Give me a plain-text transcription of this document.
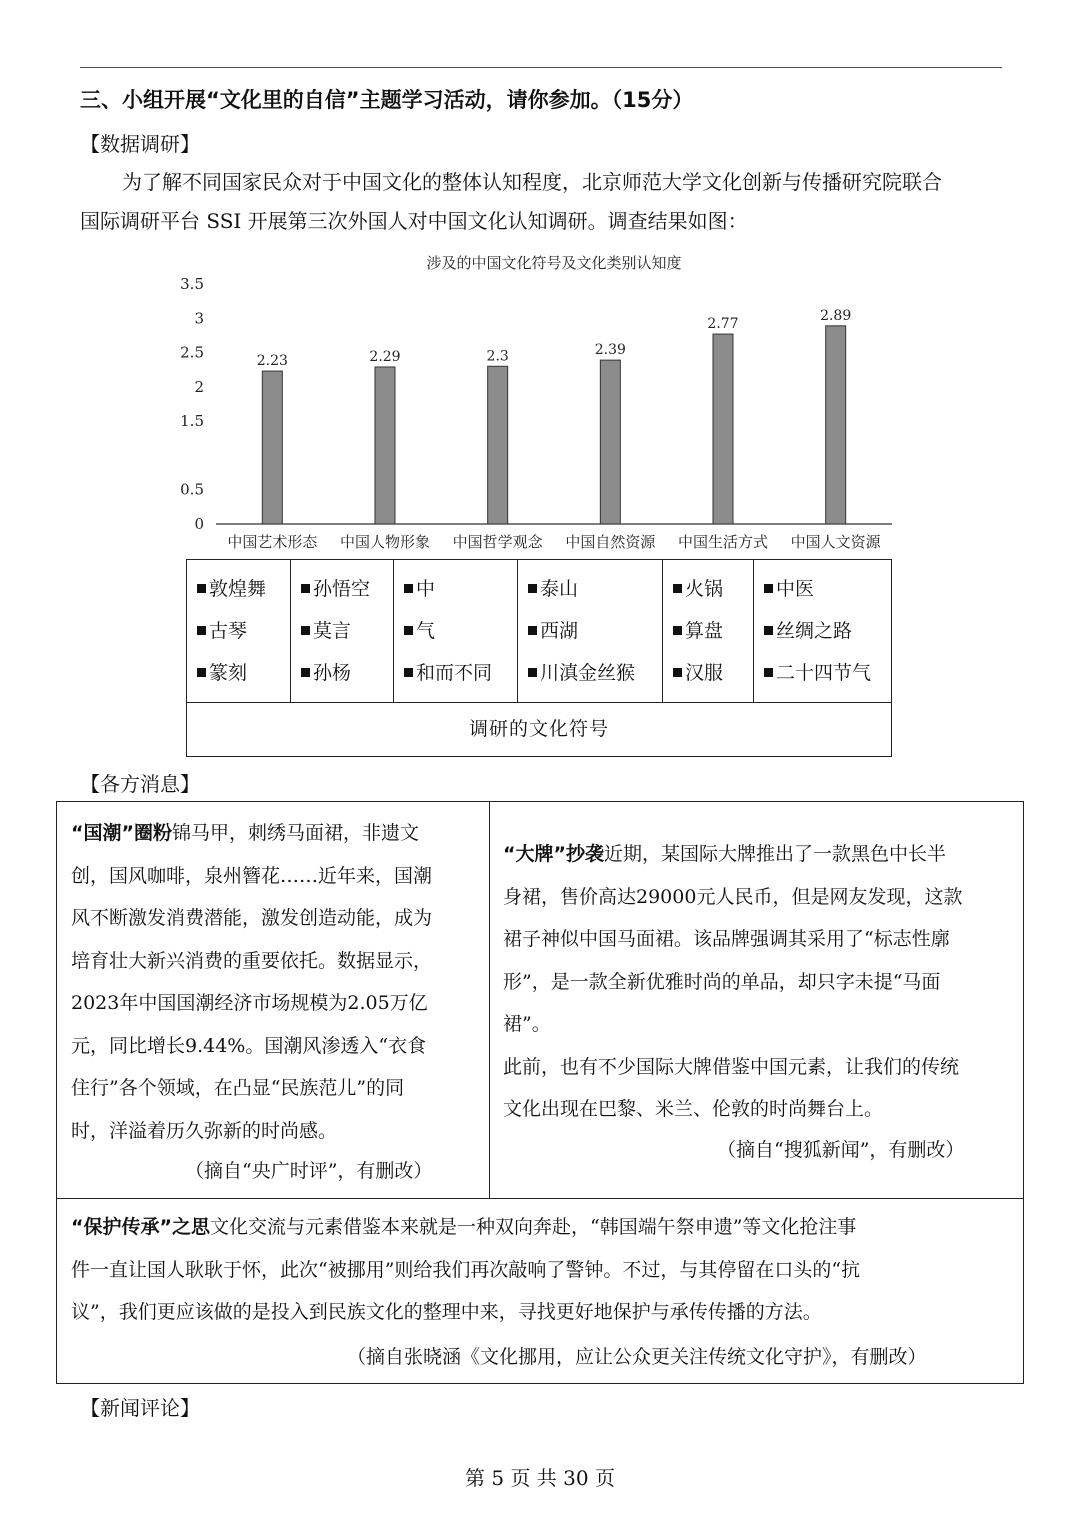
三、小组开展“文化里的自信”主题学习活动，请你参加。（15分）
【数据调研】
为了解不同国家民众对于中国文化的整体认知程度，北京师范大学文化创新与传播研究院联合
国际调研平台 SSI 开展第三次外国人对中国文化认知调研。调查结果如图：
涉及的中国文化符号及文化类别认知度
0
0.5
1.5
2
2.5
3
3.5
2.23
中国艺术形态
2.29
中国人物形象
2.3
中国哲学观念
2.39
中国自然资源
2.77
中国生活方式
2.89
中国人文资源
敦煌舞
古琴
篆刻
孙悟空
莫言
孙杨
中
气
和而不同
泰山
西湖
川滇金丝猴
火锅
算盘
汉服
中医
丝绸之路
二十四节气
调研的文化符号
【各方消息】
“国潮”圈粉锦马甲，刺绣马面裙，非遗文
创，国风咖啡，泉州簪花……近年来，国潮
风不断激发消费潜能，激发创造动能，成为
培育壮大新兴消费的重要依托。数据显示，
2023年中国国潮经济市场规模为2.05万亿
元，同比增长9.44%。国潮风渗透入“衣食
住行”各个领域，在凸显“民族范儿”的同
时，洋溢着历久弥新的时尚感。
（摘自“央广时评”，有删改）
“大牌”抄袭近期，某国际大牌推出了一款黑色中长半
身裙，售价高达29000元人民币，但是网友发现，这款
裙子神似中国马面裙。该品牌强调其采用了“标志性廓
形”，是一款全新优雅时尚的单品，却只字未提“马面
裙”。
此前，也有不少国际大牌借鉴中国元素，让我们的传统
文化出现在巴黎、米兰、伦敦的时尚舞台上。
（摘自“搜狐新闻”，有删改）
“保护传承”之思文化交流与元素借鉴本来就是一种双向奔赴，“韩国端午祭申遗”等文化抢注事
件一直让国人耿耿于怀，此次“被挪用”则给我们再次敲响了警钟。不过，与其停留在口头的“抗
议”，我们更应该做的是投入到民族文化的整理中来，寻找更好地保护与承传传播的方法。
（摘自张晓涵《文化挪用，应让公众更关注传统文化守护》，有删改）
【新闻评论】
第 5 页 共 30 页
